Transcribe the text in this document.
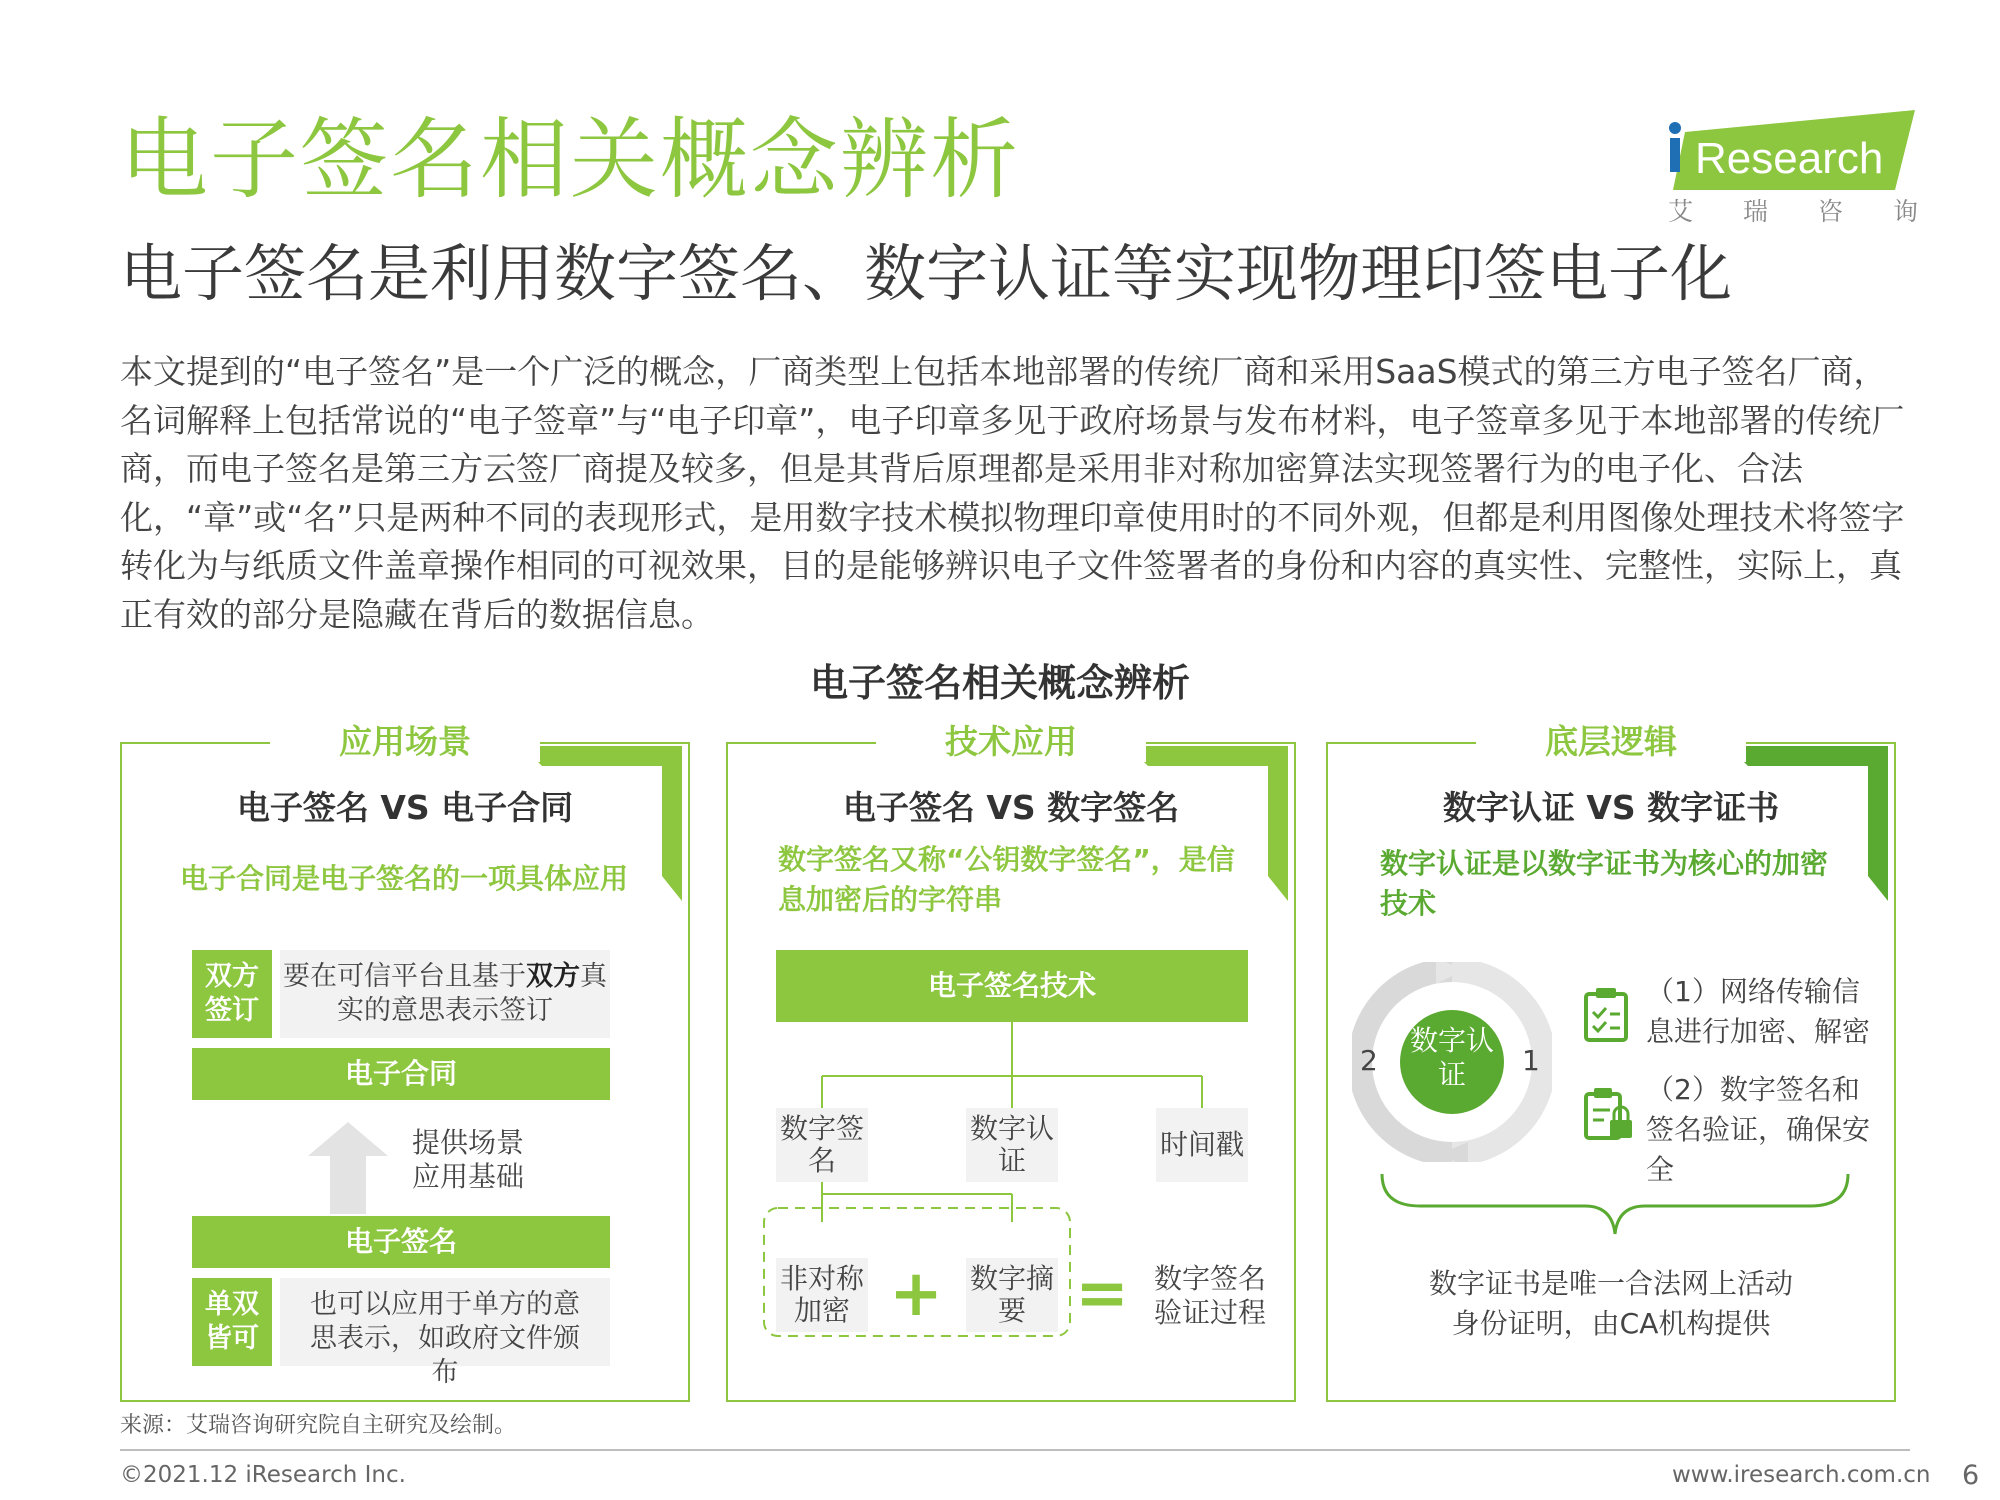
电子签名相关概念辨析
电子签名是利用数字签名、数字认证等实现物理印签电子化
Research
艾 瑞 咨 询
本文提到的“电子签名”是一个广泛的概念，厂商类型上包括本地部署的传统厂商和采用SaaS模式的第三方电子签名厂商，名词解释上包括常说的“电子签章”与“电子印章”，电子印章多见于政府场景与发布材料，电子签章多见于本地部署的传统厂商，而电子签名是第三方云签厂商提及较多，但是其背后原理都是采用非对称加密算法实现签署行为的电子化、合法化，“章”或“名”只是两种不同的表现形式，是用数字技术模拟物理印章使用时的不同外观，但都是利用图像处理技术将签字转化为与纸质文件盖章操作相同的可视效果，目的是能够辨识电子文件签署者的身份和内容的真实性、完整性，实际上，真正有效的部分是隐藏在背后的数据信息。
电子签名相关概念辨析
应用场景
电子签名 VS 电子合同
电子合同是电子签名的一项具体应用
双方签订
要在可信平台且基于双方真实的意思表示签订
电子合同
提供场景应用基础
电子签名
单双皆可
也可以应用于单方的意思表示，如政府文件颁布
技术应用
电子签名 VS 数字签名
数字签名又称“公钥数字签名”，是信息加密后的字符串
电子签名技术
数字签名
数字认证	时间戳
非对称加密 + 数字摘要 = 数字签名验证过程
底层逻辑
数字认证 VS 数字证书
数字认证是以数字证书为核心的加密技术
数字认证
2	1
（1）网络传输信息进行加密、解密
（2）数字签名和签名验证，确保安全
数字证书是唯一合法网上活动身份证明，由CA机构提供
来源：艾瑞咨询研究院自主研究及绘制。
©2021.12 iResearch Inc.	www.iresearch.com.cn 6
